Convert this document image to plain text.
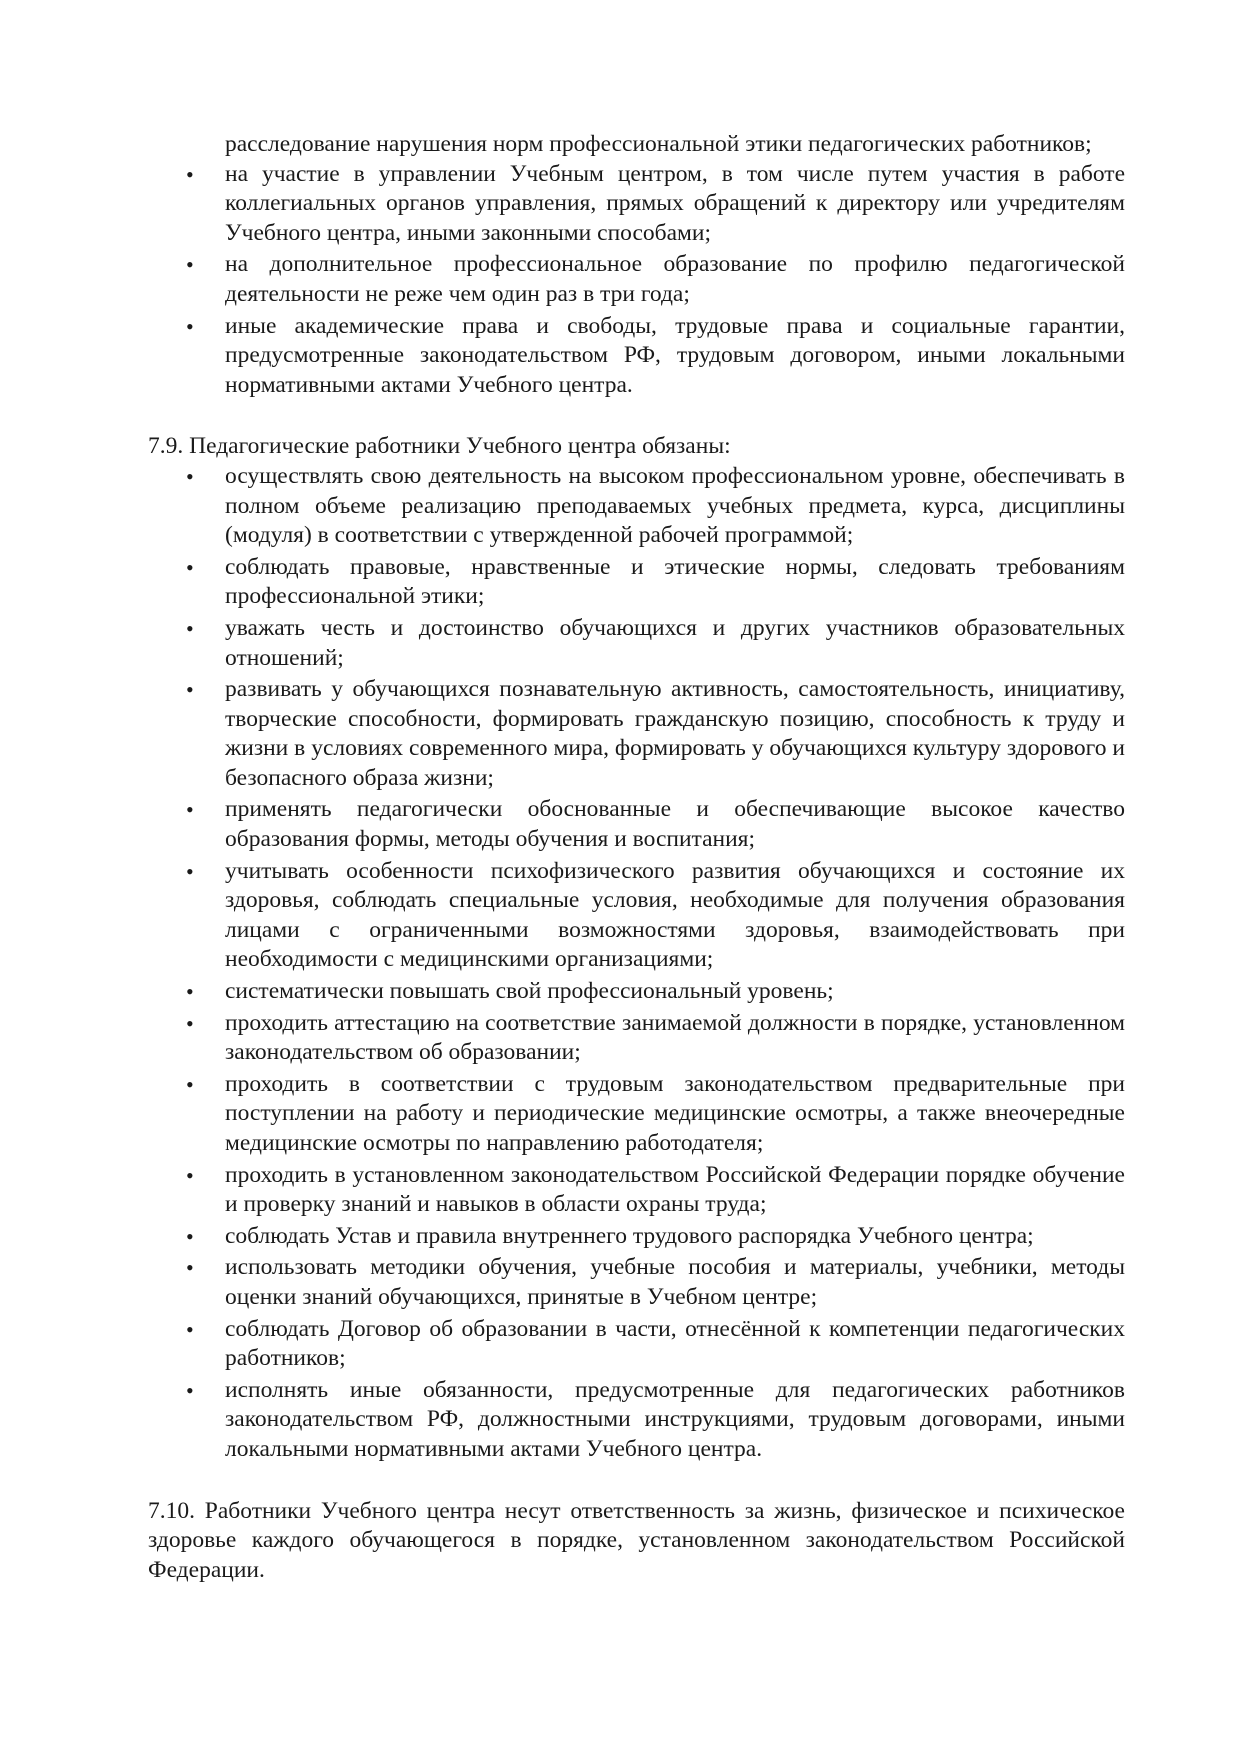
расследование нарушения норм профессиональной этики педагогических работников;

• на участие в управлении Учебным центром, в том числе путем участия в работе коллегиальных органов управления, прямых обращений к директору или учредителям Учебного центра, иными законными способами;
• на дополнительное профессиональное образование по профилю педагогической деятельности не реже чем один раз в три года;
• иные академические права и свободы, трудовые права и социальные гарантии, предусмотренные законодательством РФ, трудовым договором, иными локальными нормативными актами Учебного центра.

7.9. Педагогические работники Учебного центра обязаны:

• осуществлять свою деятельность на высоком профессиональном уровне, обеспечивать в полном объеме реализацию преподаваемых учебных предмета, курса, дисциплины (модуля) в соответствии с утвержденной рабочей программой;
• соблюдать правовые, нравственные и этические нормы, следовать требованиям профессиональной этики;
• уважать честь и достоинство обучающихся и других участников образовательных отношений;
• развивать у обучающихся познавательную активность, самостоятельность, инициативу, творческие способности, формировать гражданскую позицию, способность к труду и жизни в условиях современного мира, формировать у обучающихся культуру здорового и безопасного образа жизни;
• применять педагогически обоснованные и обеспечивающие высокое качество образования формы, методы обучения и воспитания;
• учитывать особенности психофизического развития обучающихся и состояние их здоровья, соблюдать специальные условия, необходимые для получения образования лицами с ограниченными возможностями здоровья, взаимодействовать при необходимости с медицинскими организациями;
• систематически повышать свой профессиональный уровень;
• проходить аттестацию на соответствие занимаемой должности в порядке, установленном законодательством об образовании;
• проходить в соответствии с трудовым законодательством предварительные при поступлении на работу и периодические медицинские осмотры, а также внеочередные медицинские осмотры по направлению работодателя;
• проходить в установленном законодательством Российской Федерации порядке обучение и проверку знаний и навыков в области охраны труда;
• соблюдать Устав и правила внутреннего трудового распорядка Учебного центра;
• использовать методики обучения, учебные пособия и материалы, учебники, методы оценки знаний обучающихся, принятые в Учебном центре;
• соблюдать Договор об образовании в части, отнесённой к компетенции педагогических работников;
• исполнять иные обязанности, предусмотренные для педагогических работников законодательством РФ, должностными инструкциями, трудовым договорами, иными локальными нормативными актами Учебного центра.

7.10. Работники Учебного центра несут ответственность за жизнь, физическое и психическое здоровье каждого обучающегося в порядке, установленном законодательством Российской Федерации.
